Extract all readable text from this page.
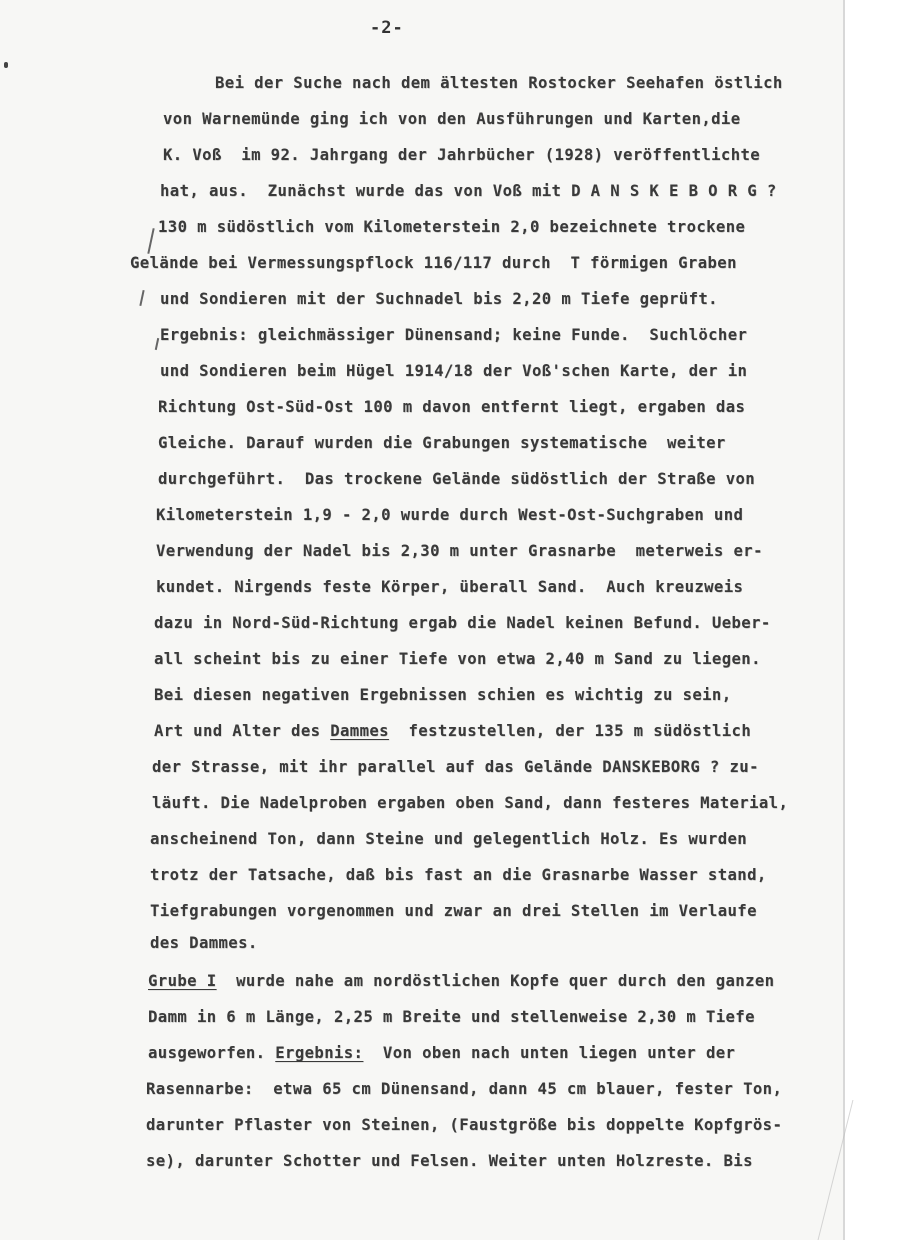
-2-
Bei der Suche nach dem ältesten Rostocker Seehafen östlich
von Warnemünde ging ich von den Ausführungen und Karten,die
K. Voß  im 92. Jahrgang der Jahrbücher (1928) veröffentlichte
hat, aus.  Zunächst wurde das von Voß mit D A N S K E B O R G ?
130 m südöstlich vom Kilometerstein 2,0 bezeichnete trockene
Gelände bei Vermessungspflock 116/117 durch  T förmigen Graben
und Sondieren mit der Suchnadel bis 2,20 m Tiefe geprüft.
Ergebnis: gleichmässiger Dünensand; keine Funde.  Suchlöcher
und Sondieren beim Hügel 1914/18 der Voß'schen Karte, der in
Richtung Ost-Süd-Ost 100 m davon entfernt liegt, ergaben das
Gleiche. Darauf wurden die Grabungen systematische  weiter
durchgeführt.  Das trockene Gelände südöstlich der Straße von
Kilometerstein 1,9 - 2,0 wurde durch West-Ost-Suchgraben und
Verwendung der Nadel bis 2,30 m unter Grasnarbe  meterweis er-
kundet. Nirgends feste Körper, überall Sand.  Auch kreuzweis
dazu in Nord-Süd-Richtung ergab die Nadel keinen Befund. Ueber-
all scheint bis zu einer Tiefe von etwa 2,40 m Sand zu liegen.
Bei diesen negativen Ergebnissen schien es wichtig zu sein,
Art und Alter des Dammes  festzustellen, der 135 m südöstlich
der Strasse, mit ihr parallel auf das Gelände DANSKEBORG ? zu-
läuft. Die Nadelproben ergaben oben Sand, dann festeres Material,
anscheinend Ton, dann Steine und gelegentlich Holz. Es wurden
trotz der Tatsache, daß bis fast an die Grasnarbe Wasser stand,
Tiefgrabungen vorgenommen und zwar an drei Stellen im Verlaufe
des Dammes.
Grube I  wurde nahe am nordöstlichen Kopfe quer durch den ganzen
Damm in 6 m Länge, 2,25 m Breite und stellenweise 2,30 m Tiefe
ausgeworfen. Ergebnis:  Von oben nach unten liegen unter der
Rasennarbe:  etwa 65 cm Dünensand, dann 45 cm blauer, fester Ton,
darunter Pflaster von Steinen, (Faustgröße bis doppelte Kopfgrös-
se), darunter Schotter und Felsen. Weiter unten Holzreste. Bis
